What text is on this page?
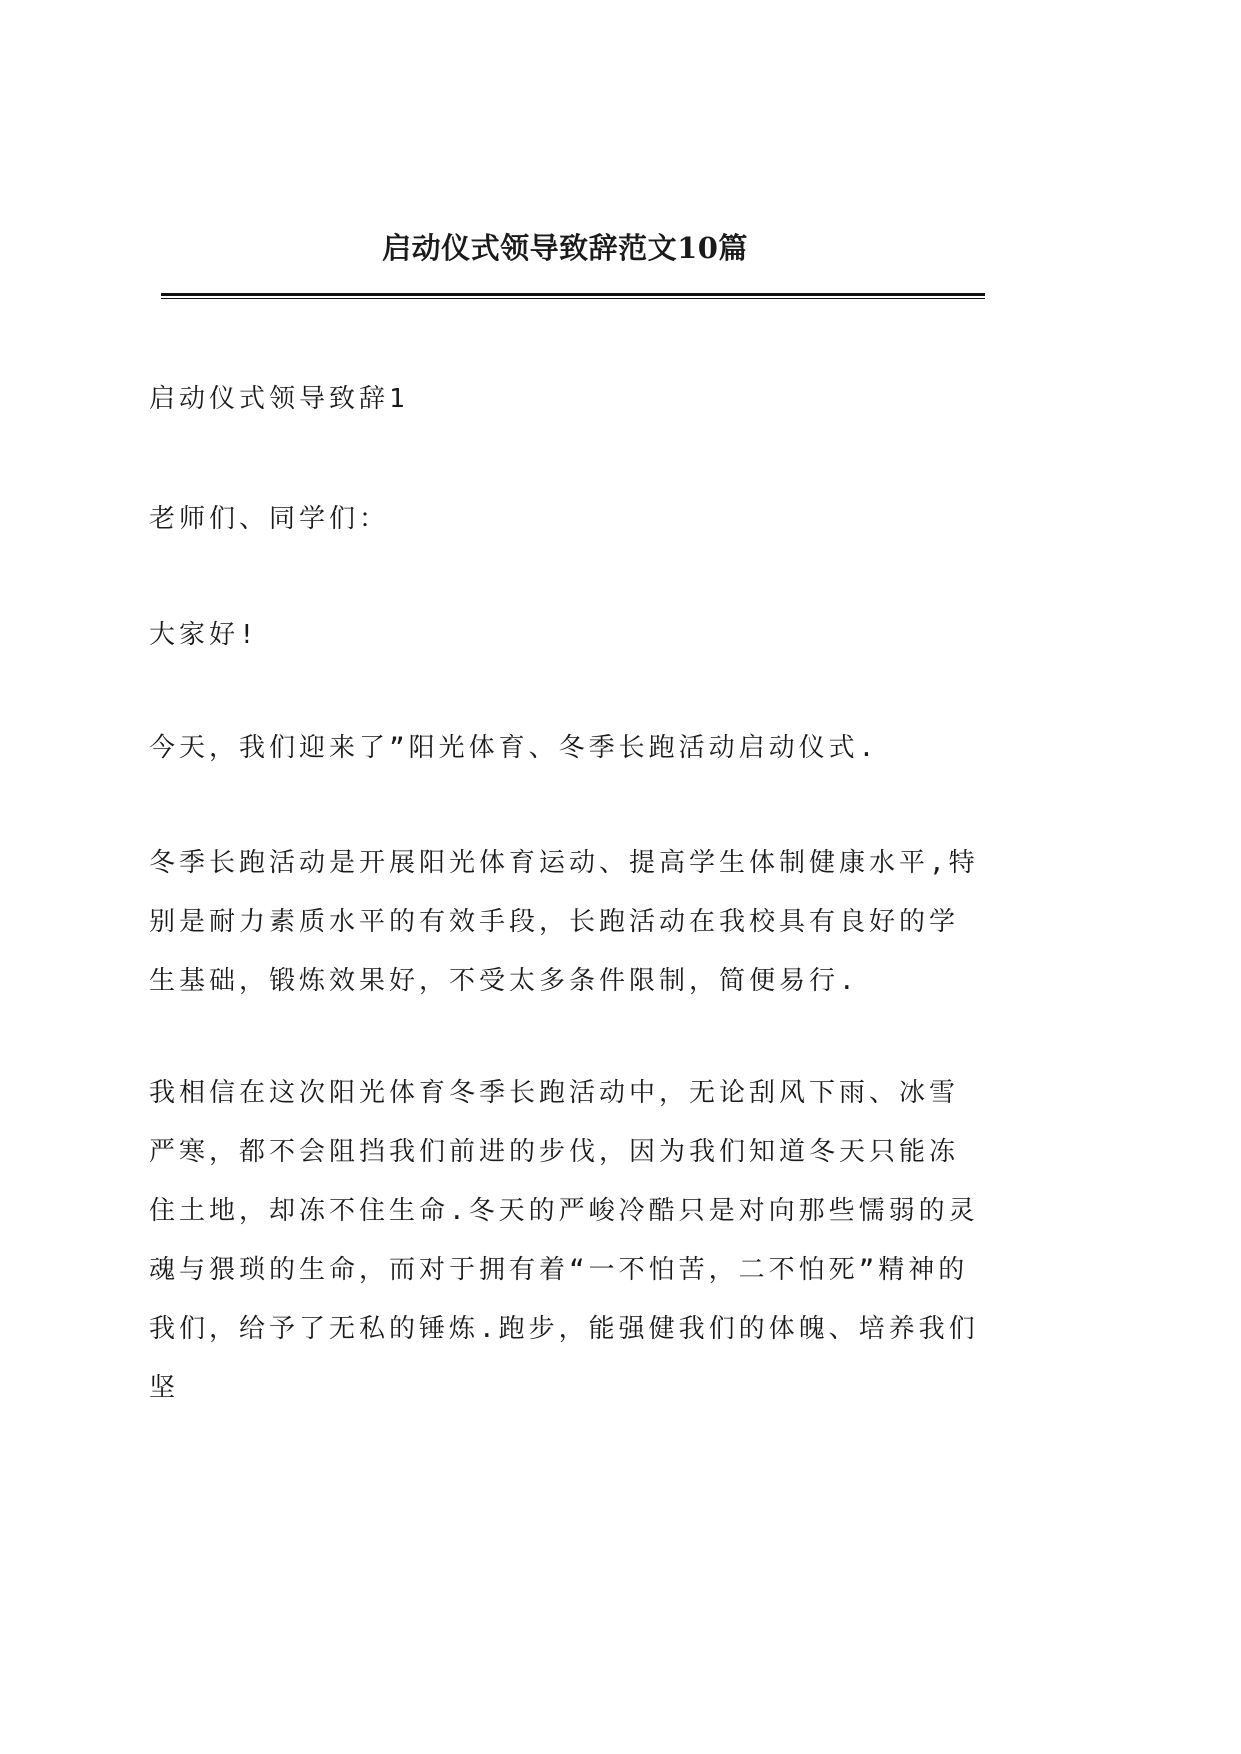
启动仪式领导致辞范文10篇

启动仪式领导致辞1

老师们、同学们：

大家好!

今天，我们迎来了”阳光体育、冬季长跑活动启动仪式.

冬季长跑活动是开展阳光体育运动、提高学生体制健康水平,特别是耐力素质水平的有效手段，长跑活动在我校具有良好的学生基础，锻炼效果好，不受太多条件限制，简便易行.

我相信在这次阳光体育冬季长跑活动中，无论刮风下雨、冰雪严寒，都不会阻挡我们前进的步伐，因为我们知道冬天只能冻住土地，却冻不住生命.冬天的严峻冷酷只是对向那些懦弱的灵魂与猥琐的生命，而对于拥有着“一不怕苦，二不怕死”精神的我们，给予了无私的锤炼.跑步，能强健我们的体魄、培养我们坚
